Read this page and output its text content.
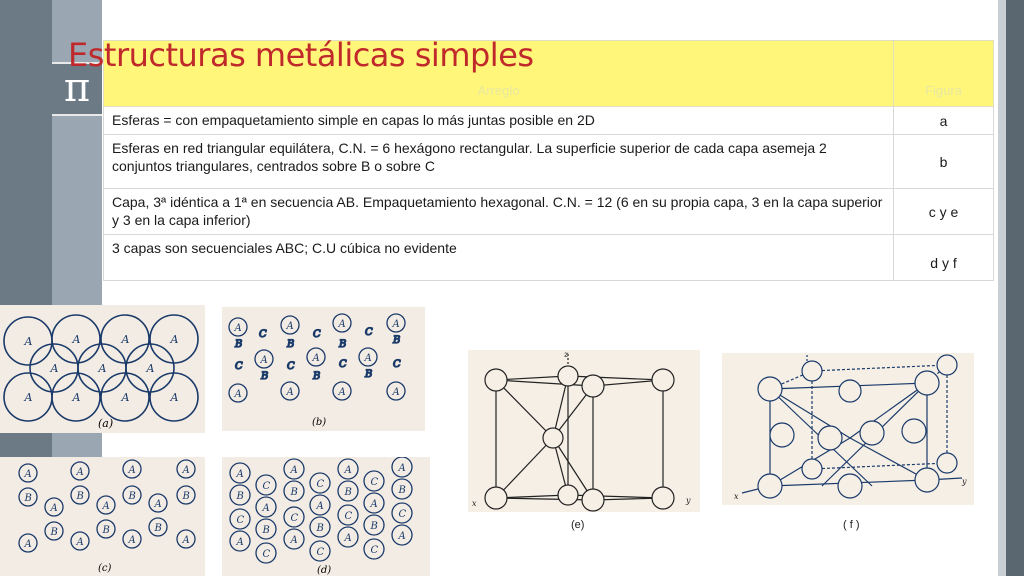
π	Arreglo	Figura
Esferas = con empaquetamiento simple en capas lo más juntas posible en 2D	a
Esferas en red triangular equilátera, C.N. = 6 hexágono rectangular. La superficie superior de cada capa asemeja 2 conjuntos triangulares, centrados sobre B o sobre C	b
Capa, 3ª idéntica a 1ª en secuencia AB. Empaquetamiento hexagonal. C.N. = 12 (6 en su propia capa, 3 en la capa superior y 3 en la capa inferior)	c y e
3 capas son secuenciales ABC; C.U cúbica no evidente	d y f
Estructuras metálicas simples
A	A	A	A
A	A	A
A	A	A	A
(a)
A	A	A	A
A	A	A
A	A	A	A
B	B	B	B
B	B	B
C	C	C
C	C	C	C
(b)
A	A	A	A
A	A	A
A	A	A	A
B	B	B	B
B	B	B
(c)
A	A	A	A
A	A	A
A	A	A	A
B	B	B	B
B	B	B
C	C	C
C	C	C	C
C	C	C
(d)
z
x	y
(e)
x
y
( f )
